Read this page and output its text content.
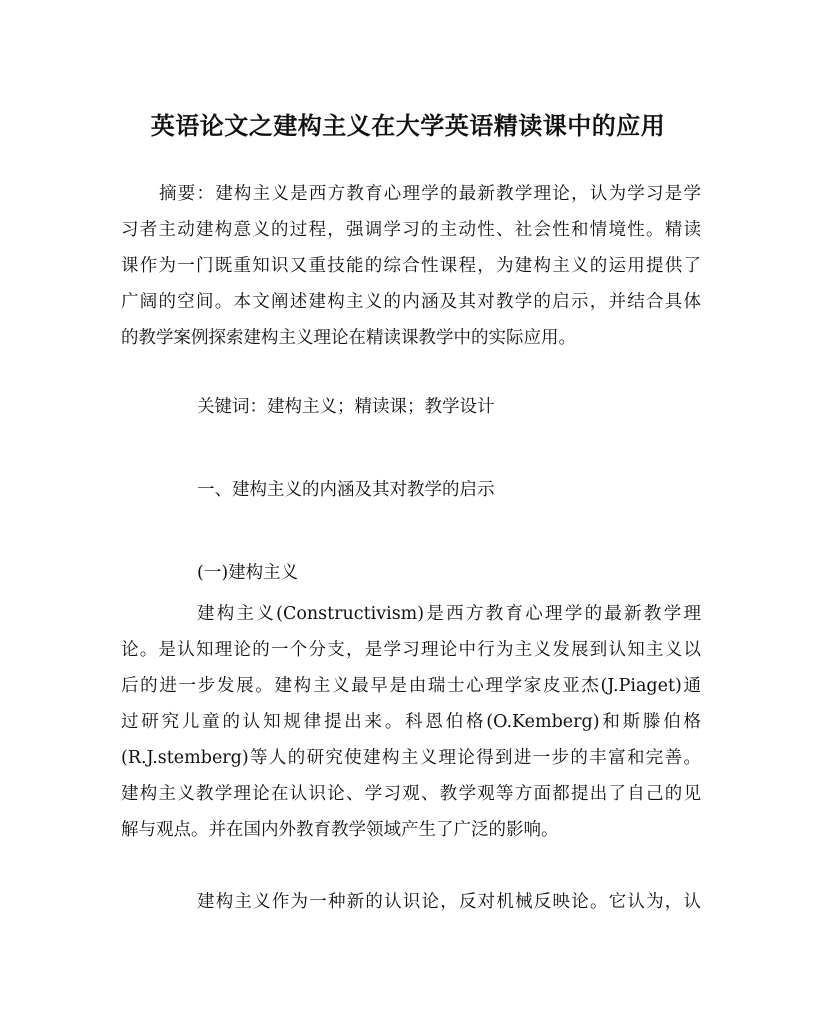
英语论文之建构主义在大学英语精读课中的应用

摘要：建构主义是西方教育心理学的最新教学理论，认为学习是学
习者主动建构意义的过程，强调学习的主动性、社会性和情境性。精读
课作为一门既重知识又重技能的综合性课程，为建构主义的运用提供了
广阔的空间。本文阐述建构主义的内涵及其对教学的启示，并结合具体
的教学案例探索建构主义理论在精读课教学中的实际应用。

关键词：建构主义；精读课；教学设计

一、建构主义的内涵及其对教学的启示

(一)建构主义

建构主义(Constructivism)是西方教育心理学的最新教学理
论。是认知理论的一个分支，是学习理论中行为主义发展到认知主义以
后的进一步发展。建构主义最早是由瑞士心理学家皮亚杰(J.Piaget)通
过研究儿童的认知规律提出来。科恩伯格(O.Kemberg)和斯滕伯格
(R.J.stemberg)等人的研究使建构主义理论得到进一步的丰富和完善。
建构主义教学理论在认识论、学习观、教学观等方面都提出了自己的见
解与观点。并在国内外教育教学领域产生了广泛的影响。

建构主义作为一种新的认识论，反对机械反映论。它认为，认
